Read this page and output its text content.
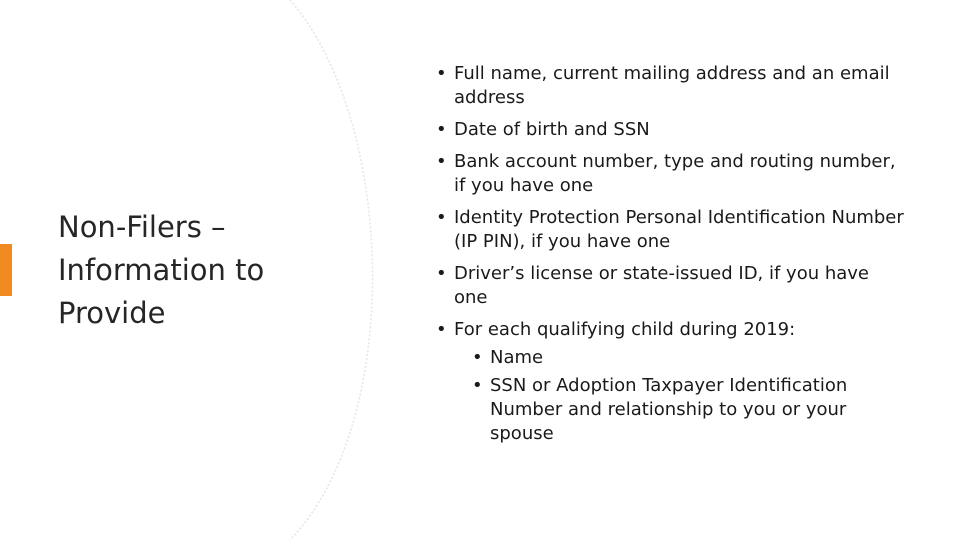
Non-Filers – Information to Provide
• Full name, current mailing address and an email address
• Date of birth and SSN
• Bank account number, type and routing number, if you have one
• Identity Protection Personal Identification Number (IP PIN), if you have one
• Driver’s license or state-issued ID, if you have one
• For each qualifying child during 2019:
• Name
• SSN or Adoption Taxpayer Identification Number and relationship to you or your spouse
